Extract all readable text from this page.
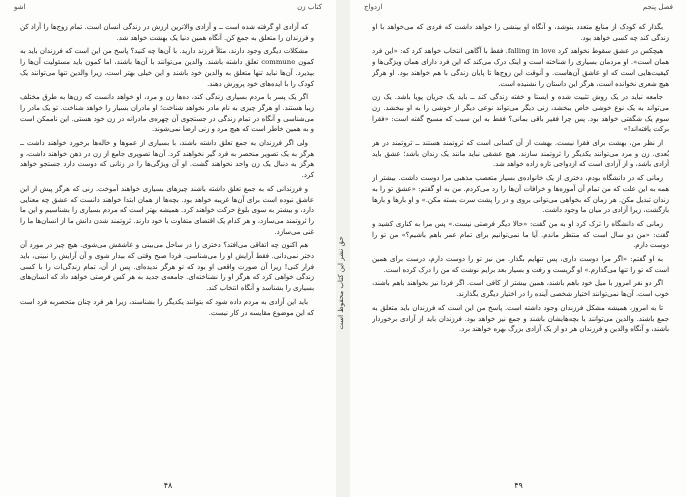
فصل پنجم
ازدواج

بگذار که کودک از منابع متعدد بنوشد، و آنگاه او بینشی را خواهد داشت که فردی که می‌خواهد با او زندگی کند چه کسی خواهد بود.

هیچکس در عشق سقوط نخواهد کرد falling in love. فقط با آگاهی انتخاب خواهد کرد که: «این فرد همان است». او مردمان بسیاری را شناخته است و اینک درک می‌کند که این فرد دارای همان ویژگی‌ها و کیفیت‌هایی است که او عاشق آن‌هاست. و آنوقت این زوج‌ها تا پایان زندگی با هم خواهند بود. او هرگز هیچ شعری نخوانده است، هرگز این داستان را نشنیده است.

جامعه نباید در یک روش تثبیت شده و ایستا و خفته زندگی کند ــ باید یک جریان پویا باشد. یک زن می‌تواند به یک نوع خوشی خاص ببخشد، زنی دیگر می‌تواند نوعی دیگر از خوشی را به او ببخشد. زن سوم یک شگفتی خواهد بود. پس چرا فقیر باقی بمانی؟ فقط به این سبب که مسیح گفته است: «فقرا برکت یافته‌اند!»

از نظر من، بهشت برای فقرا نیست. بهشت از آن کسانی است که ثروتمند هستند ــ ثروتمند در هر بُعدی. زن و مرد می‌توانند یکدیگر را ثروتمند سازند. هیچ عشقی نباید مانند یک زندان باشد؛ عشق باید آزادی باشد، و از آزادی است که ازدواجی تازه زاده خواهد شد.

زمانی که در دانشگاه بودم، دختری از یک خانواده‌ی بسیار متعصب مذهبی مرا دوست داشت. بیشتر از همه به این علت که من تمام آن آموزه‌ها و خرافات آن‌ها را رد می‌کردم. من به او گفتم: «عشق تو را به زندان تبدیل مکن. هر زمان که بخواهی می‌توانی بروی و در را پشت سرت بسته مکن.» و او بارها و بارها بازگشت، زیرا آزادی در میان ما وجود داشت.

زمانی که دانشگاه را ترک کرد او به من گفت: «حالا دیگر فرصتی نیست.» پس مرا به کناری کشید و گفت: «من دو سال است که منتظر ماندم. آیا ما نمی‌توانیم برای تمام عمر باهم باشیم؟» من تو را دوست دارم.

به او گفتم: «اگر مرا دوست داری، پس تنهایم بگذار. من نیز تو را دوست دارم، درست برای همین است که تو را تنها می‌گذارم.» او گریست و رفت و بسیار بعد برایم نوشت که من را درک کرده است.

اگر دو نفر امروز با میل خود باهم باشند، همین بیشتر از کافی است. اگر فردا نیز بخواهند باهم باشند، خوب است. آن‌ها نمی‌توانند اختیار شخصی آینده را در اختیار دیگری بگذارند.

تا به امروز، همیشه مشکل فرزندان وجود داشته است. پاسخ من این است که فرزندان باید متعلق به جمع باشند. والدین می‌توانند با بچه‌هایشان باشند و جمع نیز خواهد بود. فرزندان باید از آزادی برخوردار باشند، و آنگاه والدین و فرزندان هر دو از یک آزادی بزرگ بهره خواهند برد.

۴۹
کتاب زن
اشو

که آزادی او گرفته شده است ــ و آزادی والاترین ارزش در زندگی انسان است. تمام زوج‌ها را آزاد کن و فرزندان را متعلق به جمع کن. آنگاه همین دنیا یک بهشت خواهد شد.

مشکلات دیگری وجود دارند، مثلاً فرزند دارید. با آن‌ها چه کنید؟ پاسخ من این است که فرزندان باید به کمون commune تعلق داشته باشند. والدین می‌توانند با آن‌ها باشند، اما کمون باید مسئولیت آن‌ها را بپذیرد. آن‌ها نباید تنها متعلق به والدین خود باشند و این خیلی بهتر است، زیرا والدین تنها می‌توانند یک کودک را با ایده‌های خود پرورش دهند.

اگر یک پسر با مردم بسیاری زندگی کند، ده‌ها زن و مرد، او خواهد دانست که زن‌ها به طرق مختلف زیبا هستند. او هرگز چیزی به نام مادر نخواهد شناخت؛ او مادران بسیار را خواهد شناخت. تو یک مادر را می‌شناسی و آنگاه در تمام زندگی در جستجوی آن چهره‌ی مادرانه در زن خود هستی. این ناممکن است و به همین خاطر است که هیچ مرد و زنی ارضا نمی‌شوند.

ولی اگر فرزندان به جمع تعلق داشته باشند، با بسیاری از عموها و خاله‌ها برخورد خواهند داشت ــ هرگز به یک تصویر منحصر به فرد گیر نخواهند کرد. آن‌ها تصویری جامع از زن در ذهن خواهند داشت، و هرگز به دنبال یک زن واحد نخواهند گشت. او آن ویژگی‌ها را در زنانی که دوست دارد جستجو خواهد کرد.

و فرزندانی که به جمع تعلق داشته باشند چیزهای بسیاری خواهند آموخت. زنی که هرگز پیش از این عاشق نبوده است برای آن‌ها غریبه خواهد بود. بچه‌ها از همان ابتدا خواهند دانست که عشق چه معنایی دارد، و بیشتر به سوی بلوغ حرکت خواهند کرد. همیشه بهتر است که مردم بسیاری را بشناسیم و این ما را ثروتمند می‌سازد، و هر کدام یک اقتضای متفاوت با خود دارند. ثروتمند شدن دانش ما از انسان‌ها ما را غنی می‌سازد.

هم اکنون چه اتفاقی می‌افتد؟ دختری را در ساحل می‌بینی و عاشقش می‌شوی. هیچ چیز در مورد آن دختر نمی‌دانی. فقط آرایش او را می‌شناسی. فردا صبح وقتی که بیدار شوی و آن آرایش را نبینی، باید فرار کنی! زیرا آن صورت واقعی او بود که تو هرگز ندیده‌ای. پس از آن، تمام زندگی‌ات را با کسی زندگی خواهی کرد که هرگز او را نشناخته‌ای. جامعه‌ی جدید به هر کس فرصتی خواهد داد که انسان‌های بسیاری را بشناسد و آنگاه انتخاب کند.

باید این آزادی به مردم داده شود که بتوانند یکدیگر را بشناسند، زیرا هر فرد چنان متحصربه فرد است که این موضوع مقایسه در کار نیست.

۴۸
حق نشر این کتاب محفوظ است
